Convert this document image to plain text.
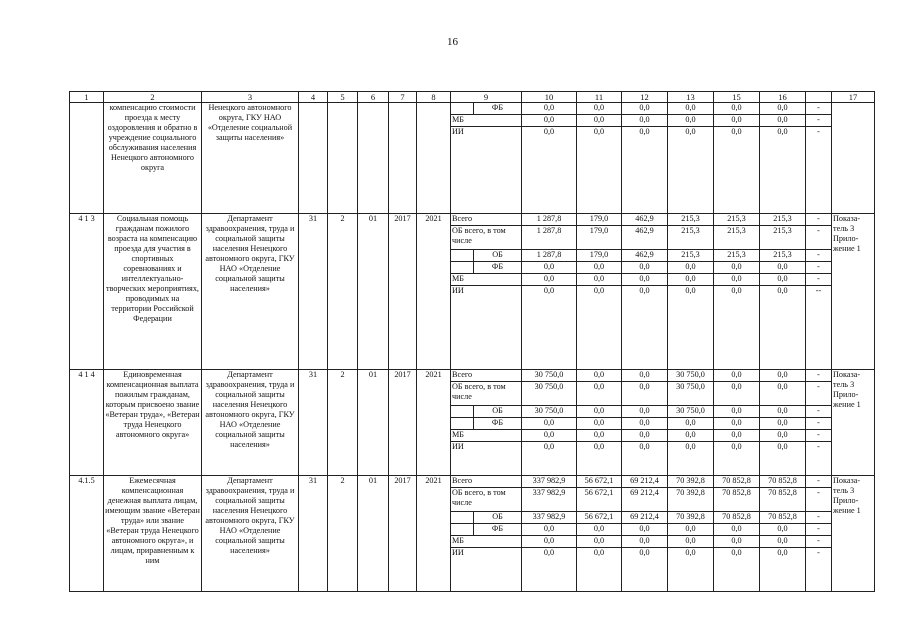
16
1	2	3	4	5	6	7	8	9		10	11	12	13	15	16		17
	компенсацию стоимости проезда к месту оздоровления и обратно в учреждение социального обслуживания населения Ненецкого автономного округа	Ненецкого автономного округа, ГКУ НАО «Отделение социальной защиты населения»							ФБ	0,0	0,0	0,0	0,0	0,0	0,0	-	
								МБ		0,0	0,0	0,0	0,0	0,0	0,0	-	
								ИИ		0,0	0,0	0,0	0,0	0,0	0,0	-	
4 1 3	Социальная помощь гражданам пожилого возраста на компенсацию проезда для участия в спортивных соревнованиях и интеллектуально-творческих мероприятиях, проводимых на территории Российской Федерации	Департамент здравоохранения, труда и социальной защиты населения Ненецкого автономного округа, ГКУ НАО «Отделение социальной защиты населения»	31	2	01	2017	2021	Всего		1 287,8	179,0	462,9	215,3	215,3	215,3	-	Показа-тель 3 Прило-жение 1
								ОБ всего, в том числе		1 287,8	179,0	462,9	215,3	215,3	215,3	-	
									ОБ	1 287,8	179,0	462,9	215,3	215,3	215,3	-	
									ФБ	0,0	0,0	0,0	0,0	0,0	0,0	-	
								МБ		0,0	0,0	0,0	0,0	0,0	0,0	-	
								ИИ		0,0	0,0	0,0	0,0	0,0	0,0	--	
4 1 4	Единовременная компенсационная выплата пожилым гражданам, которым присвоено звание «Ветеран труда», «Ветеран труда Ненецкого автономного округа»	Департамент здравоохранения, труда и социальной защиты населения Ненецкого автономного округа, ГКУ НАО «Отделение социальной защиты населения»	31	2	01	2017	2021	Всего		30 750,0	0,0	0,0	30 750,0	0,0	0,0	-	Показа-тель 3 Прило-жение 1
								ОБ всего, в том числе		30 750,0	0,0	0,0	30 750,0	0,0	0,0	-	
									ОБ	30 750,0	0,0	0,0	30 750,0	0,0	0,0	-	
									ФБ	0,0	0,0	0,0	0,0	0,0	0,0	-	
								МБ		0,0	0,0	0,0	0,0	0,0	0,0	-	
								ИИ		0,0	0,0	0,0	0,0	0,0	0,0	-	
4.1.5	Ежемесячная компенсационная денежная выплата лицам, имеющим звание «Ветеран труда» или звание «Ветеран труда Ненецкого автономного округа», и лицам, приравненным к ним	Департамент здравоохранения, труда и социальной защиты населения Ненецкого автономного округа, ГКУ НАО «Отделение социальной защиты населения»	31	2	01	2017	2021	Всего		337 982,9	56 672,1	69 212,4	70 392,8	70 852,8	70 852,8	-	Показа-тель 3 Прило-жение 1
								ОБ всего, в том числе		337 982,9	56 672,1	69 212,4	70 392,8	70 852,8	70 852,8	-	
									ОБ	337 982,9	56 672,1	69 212,4	70 392,8	70 852,8	70 852,8	-	
									ФБ	0,0	0,0	0,0	0,0	0,0	0,0	-	
								МБ		0,0	0,0	0,0	0,0	0,0	0,0	-	
								ИИ		0,0	0,0	0,0	0,0	0,0	0,0	-	
